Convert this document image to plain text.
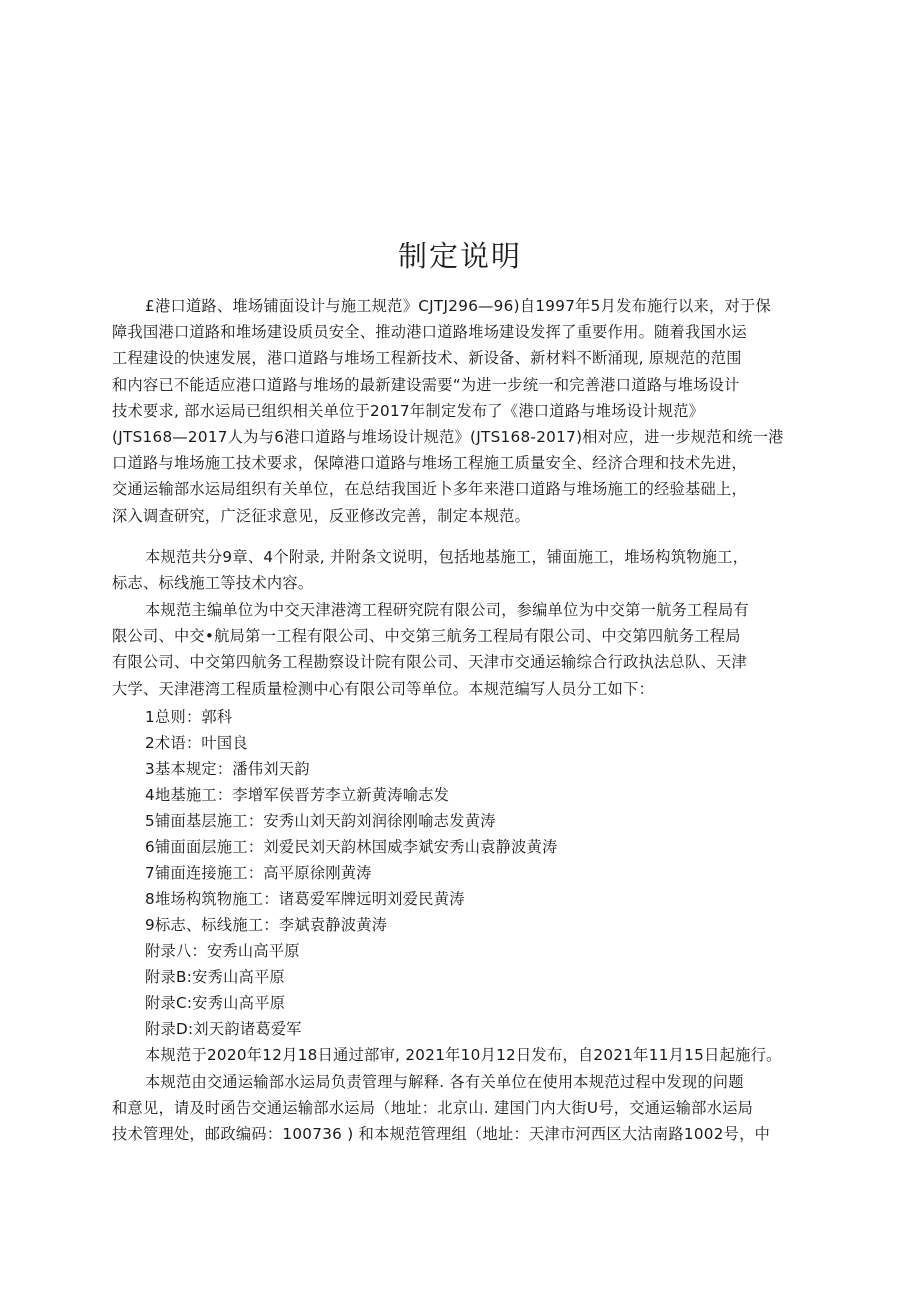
制定说明
£港口道路、堆场铺面设计与施工规范》CJTJ296—96)自1997年5月发布施行以来，对于保
障我国港口道路和堆场建设质员安全、推动港口道路堆场建设发挥了重要作用。随着我国水运
工程建设的快速发展，港口道路与堆场工程新技术、新设备、新材料不断涌现, 原规范的范围
和内容已不能适应港口道路与堆场的最新建设需要“为进一步统一和完善港口道路与堆场设计
技术要求, 部水运局已组织相关单位于2017年制定发布了《港口道路与堆场设计规范》
(JTS168—2017人为与6港口道路与堆场设计规范》(JTS168-2017)相对应，进一步规范和统一港
口道路与堆场施工技术要求，保障港口道路与堆场工程施工质量安全、经济合理和技术先进，
交通运输部水运局组织有关单位，在总结我国近卜多年来港口道路与堆场施工的经验基础上，
深入调查研究，广泛征求意见，反亚修改完善，制定本规范。
本规范共分9章、4个附录, 并附条文说明，包括地基施工，铺面施工，堆场构筑物施工，
标志、标线施工等技术内容。
本规范主编单位为中交天津港湾工程研究院有限公司，参编单位为中交第一航务工程局有
限公司、中交•航局第一工程有限公司、中交第三航务工程局有限公司、中交第四航务工程局
有限公司、中交第四航务工程勘察设计院有限公司、天津市交通运输综合行政执法总队、天津
大学、天津港湾工程质量检测中心有限公司等单位。本规范编写人员分工如下：

1总则：郭科

2术语：叶国良

3基本规定：潘伟刘天韵

4地基施工：李增军侯晋芳李立新黄涛喻志发

5铺面基层施工：安秀山刘天韵刘润徐刚喻志发黄涛

6铺面面层施工：刘爱民刘天韵林国威李斌安秀山袁静波黄涛

7铺面连接施工：高平原徐刚黄涛

8堆场构筑物施工：诸葛爱军牌远明刘爱民黄涛

9标志、标线施工：李斌袁静波黄涛

附录八：安秀山高平原

附录B:安秀山高平原

附录C:安秀山高平原

附录D:刘天韵诸葛爱军

本规范于2020年12月18日通过部审, 2021年10月12日发布，自2021年11月15日起施行。

本规范由交通运输部水运局负责管理与解释. 各有关单位在使用本规范过程中发现的问题
和意见，请及时函告交通运输部水运局（地址：北京山. 建国门内大街U号，交通运输部水运局
技术管理处，邮政编码：100736 ) 和本规范管理组（地址：天津市河西区大沽南路1002号，中
